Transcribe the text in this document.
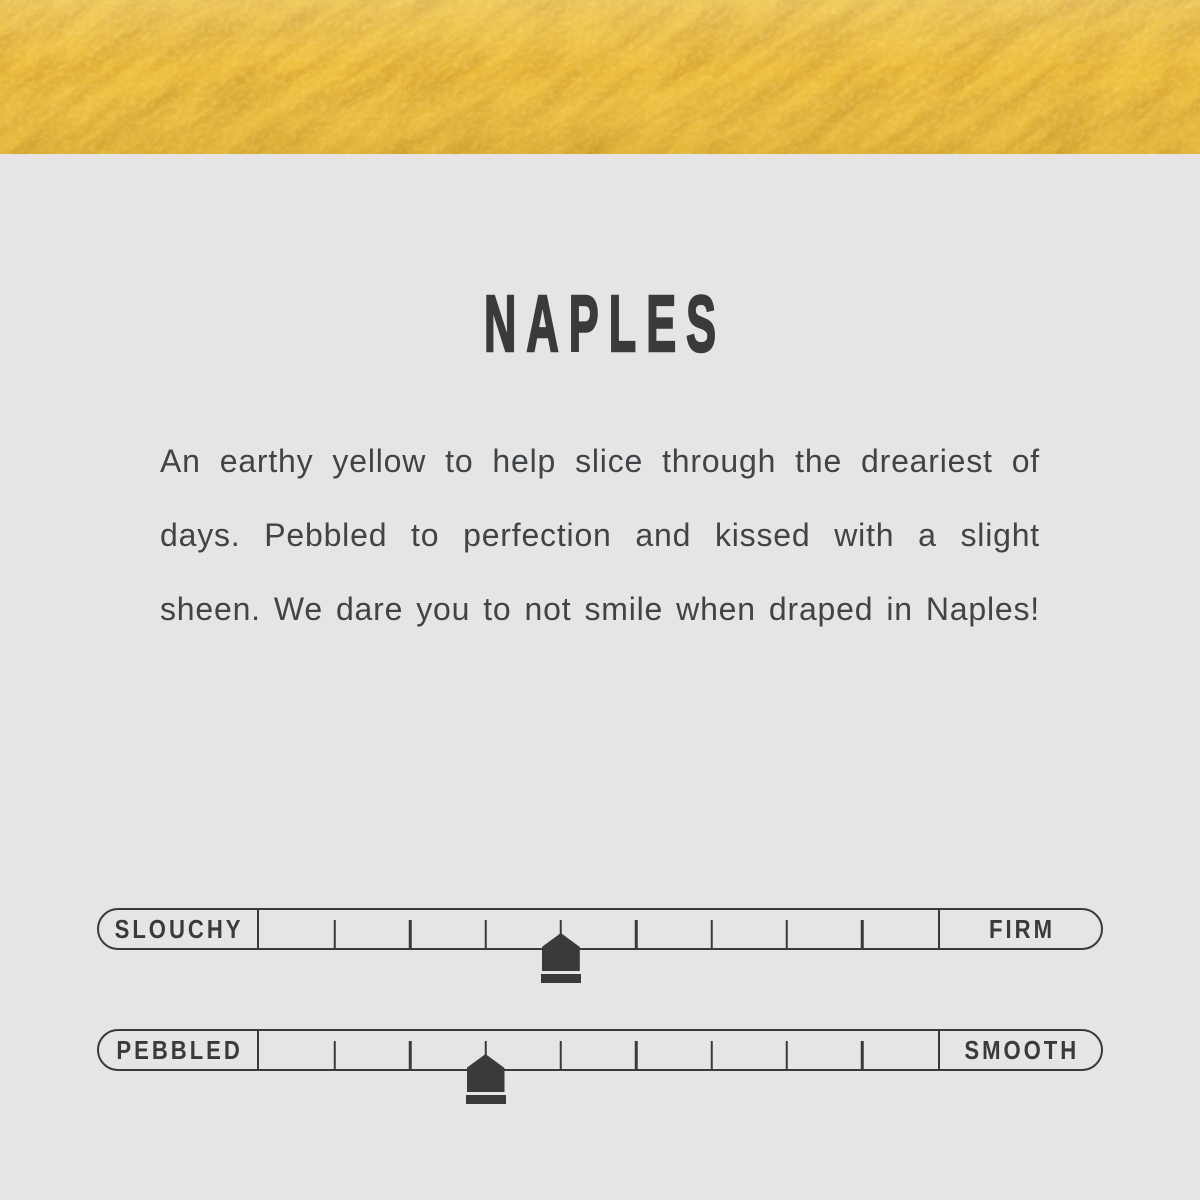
NAPLES

An earthy yellow to help slice through the dreariest of

days. Pebbled to perfection and kissed with a slight

sheen. We dare you to not smile when draped in Naples!

SLOUCHY	FIRM
PEBBLED	SMOOTH
